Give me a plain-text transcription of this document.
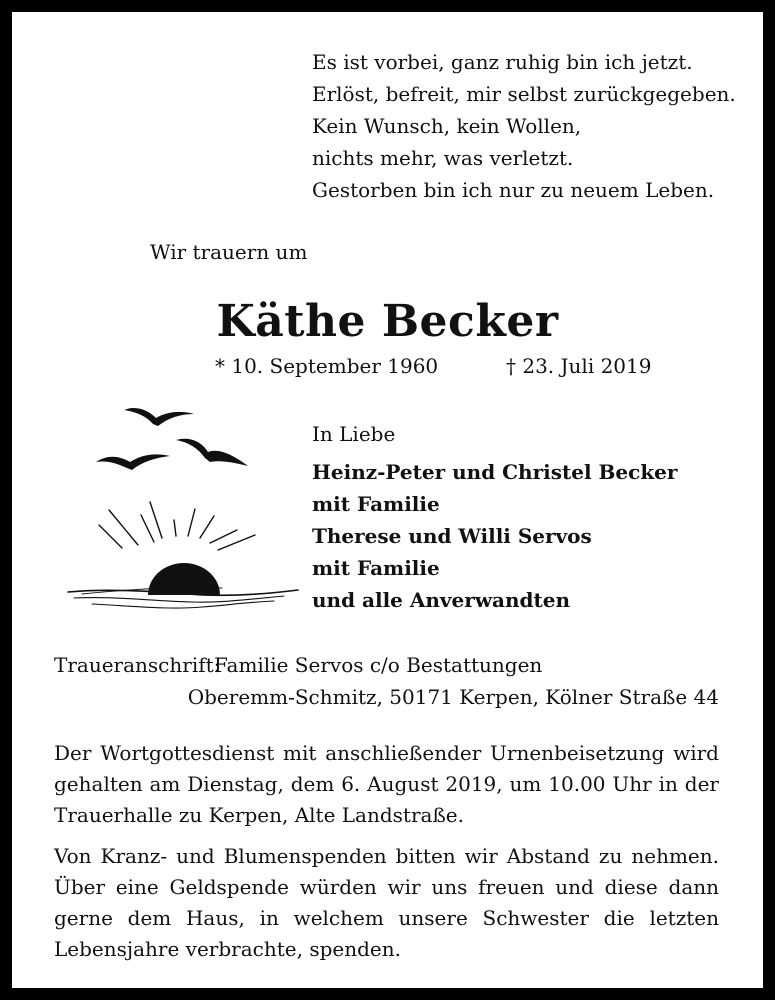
Es ist vorbei, ganz ruhig bin ich jetzt.
Erlöst, befreit, mir selbst zurückgegeben.
Kein Wunsch, kein Wollen,
nichts mehr, was verletzt.
Gestorben bin ich nur zu neuem Leben.
Wir trauern um
Käthe Becker
* 10. September 1960	† 23. Juli 2019
In Liebe
Heinz-Peter und Christel Becker
mit Familie
Therese und Willi Servos
mit Familie
und alle Anverwandten
Traueranschrift:
Familie Servos c/o Bestattungen
Oberemm-Schmitz, 50171 Kerpen, Kölner Straße 44
Der Wortgottesdienst mit anschließender Urnenbeisetzung wird gehalten am Dienstag, dem 6. August 2019, um 10.00 Uhr in der Trauerhalle zu Kerpen, Alte Landstraße.
Von Kranz- und Blumenspenden bitten wir Abstand zu nehmen. Über eine Geldspende würden wir uns freuen und diese dann gerne dem Haus, in welchem unsere Schwester die letzten Lebensjahre verbrachte, spenden.
